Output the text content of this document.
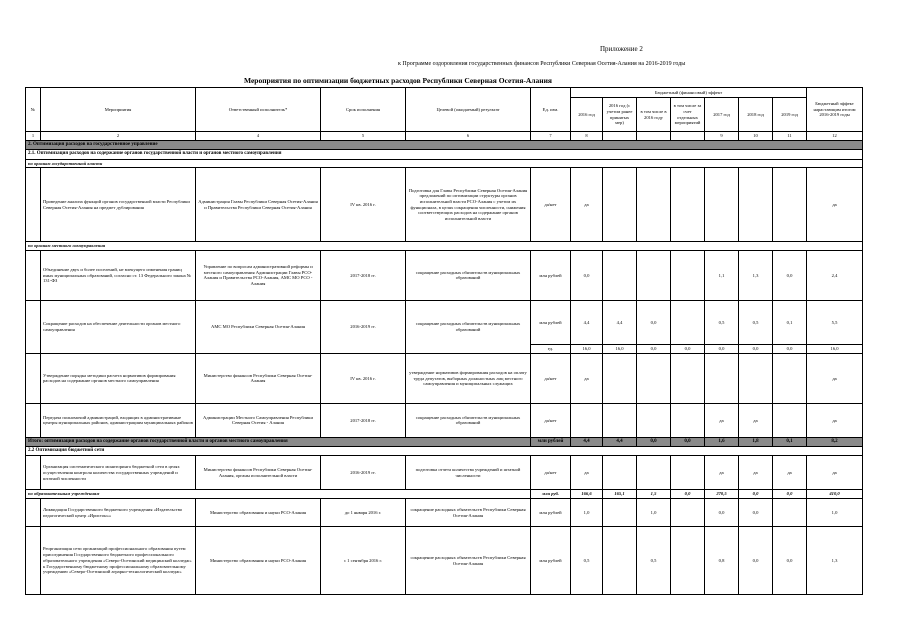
Приложение 2
к Программе оздоровления государственных финансов Республики Северная Осетия-Алания на 2016-2019 годы
Мероприятия по оптимизации бюджетных расходов Республики Северная Осетия-Алания
№	Мероприятия	Ответственный исполнитель*	Срок исполнения	Целевой (ожидаемый) результат	Ед. изм.	Бюджетный (финансовый) эффект							Бюджетный эффект нарастающим итогом 2016-2019 годы
						2016 год	2016 год (с учетом ранее принятых мер)	в том числе в 2016 году	в том числе за счет отдельных мероприятий	2017 год	2018 год	2019 год	
1	2	4	5	6	7	8				9	10	11	12
2. Оптимизация расходов на государственное управление													
2.1. Оптимизация расходов на содержание органов государственной власти и органов местного самоуправления													
по органам государственной власти													
	Проведение анализа функций органов государственной власти Республики Северная Осетия-Алания на предмет дублирования	Администрация Главы Республики Северная Осетия-Алания и Правительства Республики Северная Осетия-Алания	IV кв. 2016 г.	Подготовка для Главы Республики Северная Осетия-Алания предложений по оптимизации структуры органов исполнительной власти РСО-Алания с учетом их функционала, в целях сокращения численности, снижения соответствующих расходов на содержание органов исполнительной власти	да/нет	да							да
по органам местного самоуправления													
	Объединение двух и более поселений, не влекущего изменения границ иных муниципальных образований, согласно ст. 13 Федерального закона № 131-ФЗ	Управление по вопросам административной реформы и местного самоуправления Администрации Главы РСО-Алания и Правительства РСО-Алания, АМС МО РСО - Алания	2017-2018 гг.	сокращение расходных обязательств муниципальных образований	млн рублей	0,0				1,1	1,3	0,0	2,4
	Сокращение расходов на обеспечение деятельности органов местного самоуправления	АМС МО Республики Северная Осетия-Алания	2016-2019 гг.	сокращение расходных обязательств муниципальных образований	млн рублей	4,4	4,4	0,0		0,5	0,5	0,1	5,5
					ед.	16,0	16,0	0,0	0,0	0,0	0,0	0,0	16,0
	Утверждение порядка методики расчета нормативов формирования расходов на содержание органов местного самоуправления	Министерство финансов Республики Северная Осетия-Алания	IV кв. 2016 г.	утверждение нормативов формирования расходов на оплату труда депутатов, выборных должностных лиц местного самоуправления и муниципальных служащих	да/нет	да							да
	Передача полномочий администраций, входящих в административные центры муниципальных районов, администрациям муниципальных районов	Администрации Местного Самоуправления Республики Северная Осетия - Алания	2017-2018 гг.	сокращение расходных обязательств муниципальных образований	да/нет					да	да		да
Итого: оптимизация расходов на содержание органов государственной власти и органов местного самоуправления					млн рублей	4,4	4,4	0,0	0,0	1,6	1,8	0,1	8,2
2.2 Оптимизация бюджетной сети													
	Организация систематического мониторинга бюджетной сети в целях осуществления контроля количества государственных учреждений и штатной численности	Министерство финансов Республики Северная Осетия-Алания, органы исполнительной власти	2016-2019 гг.	подготовка отчета количества учреждений и штатной численности	да/нет	да				да	да	да	да
по образовательным учреждениям					млн руб.	166,6	165,1	1,5	0,0	270,5	0,0	0,0	410,0
	Ликвидация Государственного бюджетного учреждения «Издательство педагогический центр «Иристон»»	Министерство образования и науки РСО-Алания	до 1 января 2016 г.	сокращение расходных обязательств Республики Северная Осетия-Алания	млн рублей	1,0		1,0		0,0	0,0		1,0
	Реорганизация сети организаций профессионального образования путем присоединения Государственного бюджетного профессионального образовательного учреждения «Северо-Осетинский медицинский колледж» к Государственному бюджетному профессиональному образовательному учреждению «Северо-Осетинский аграрно-технологический колледж»	Министерство образования и науки РСО-Алания	с 1 сентября 2016 г.	сокращение расходных обязательств Республики Северная Осетия-Алания	млн рублей	0,5		0,5		0,8	0,0	0,0	1,3
